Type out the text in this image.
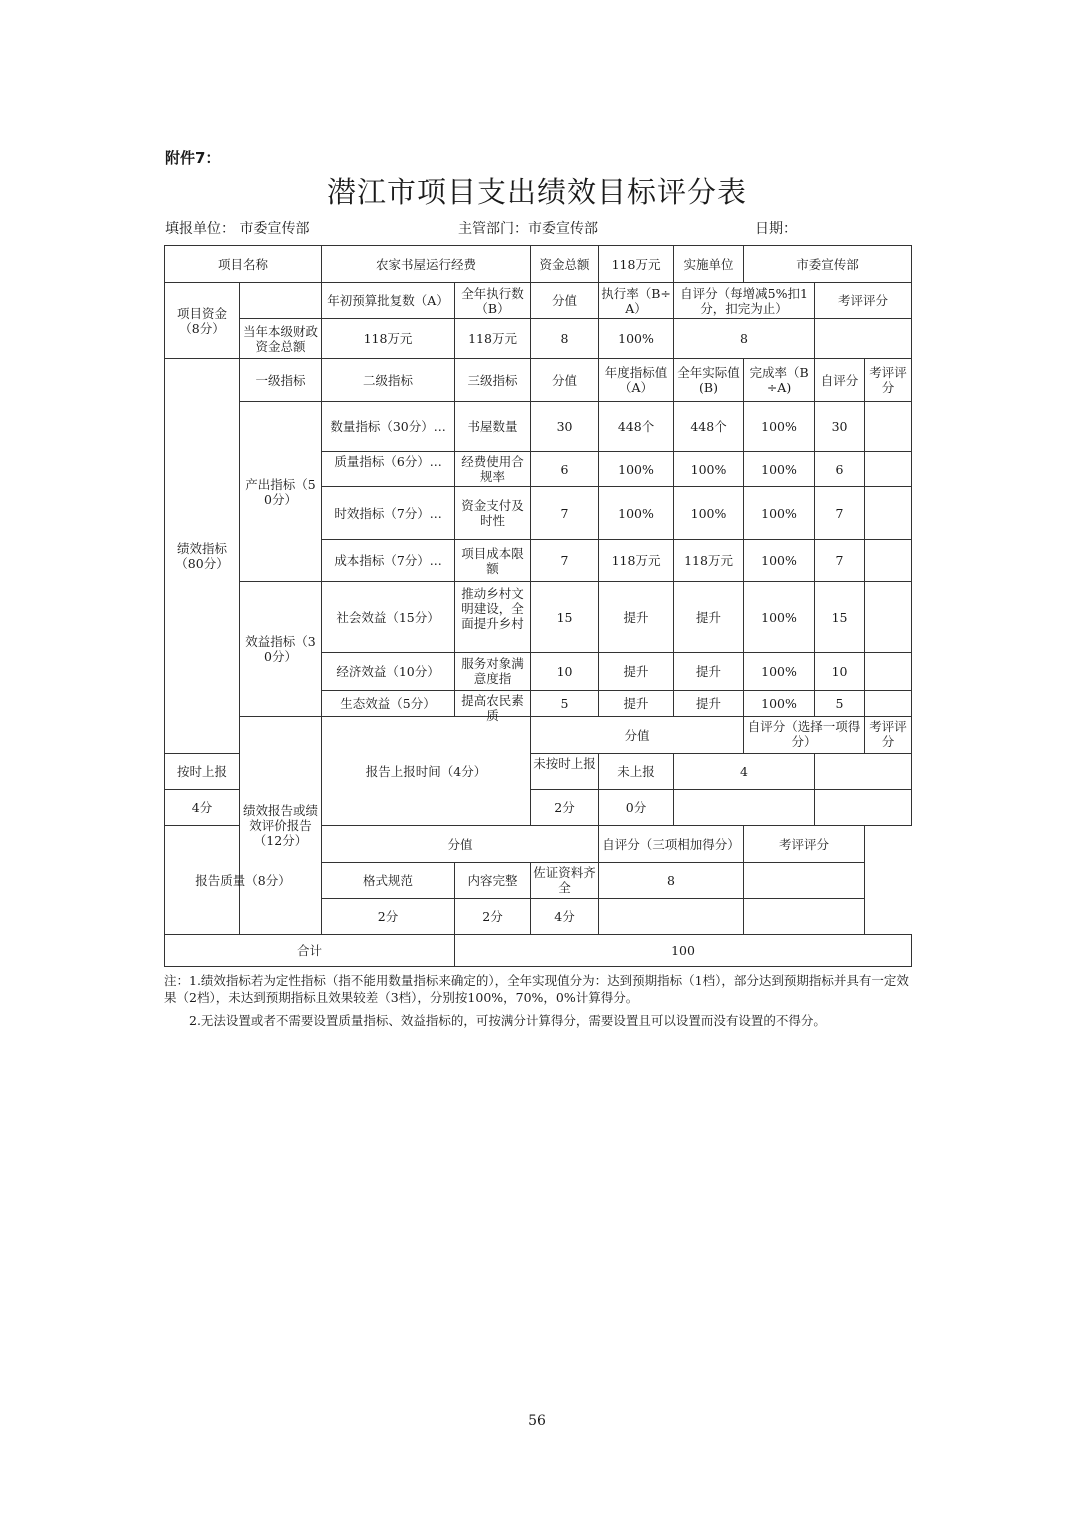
附件7：
潜江市项目支出绩效目标评分表
填报单位： 市委宣传部	主管部门：市委宣传部	日期：
项目名称		农家书屋运行经费		资金总额	118万元	实施单位	市委宣传部			
项目资金（8分）		年初预算批复数（A）	全年执行数（B）	分值	执行率（B÷A）	自评分（每增减5%扣1分，扣完为止）		考评评分		
	当年本级财政资金总额	118万元	118万元	8	100%	8				
绩效指标（80分）	一级指标	二级指标	三级指标	分值	年度指标值（A）	全年实际值(B)	完成率（B÷A)	自评分	考评评分	
	产出指标（50分）	数量指标（30分）...	书屋数量	30	448个	448个	100%	30		

		质量指标（6分）...	经费使用合规率	6	100%	100%	100%	6		
		时效指标（7分）...	资金支付及时性	7	100%	100%	100%	7		
		成本指标（7分）...	项目成本限额	7	118万元	118万元	100%	7		
	效益指标（30分）	社会效益（15分）	推动乡村文明建设，全面提升乡村	15	提升	提升	100%	15		
		经济效益（10分）	服务对象满意度指	10	提升	提升	100%	10		
		生态效益（5分）	提高农民素质	5	提升	提升	100%	5		
	绩效报告或绩效评价报告（12分）	报告上报时间（4分）		分值			自评分（选择一项得分）		考评评分	

按时上报				未按时上报	未上报	4				
4分				2分	0分					
报告质量（8分）		分值			自评分（三项相加得分）		考评评分			
		格式规范	内容完整	佐证资料齐全	8					
		2分	2分	4分						
合计			100							

注：1.绩效指标若为定性指标（指不能用数量指标来确定的），全年实现值分为：达到预期指标（1档），部分达到预期指标并具有一定效果（2档），未达到预期指标且效果较差（3档），分别按100%，70%，0%计算得分。

2.无法设置或者不需要设置质量指标、效益指标的，可按满分计算得分，需要设置且可以设置而没有设置的不得分。

56
